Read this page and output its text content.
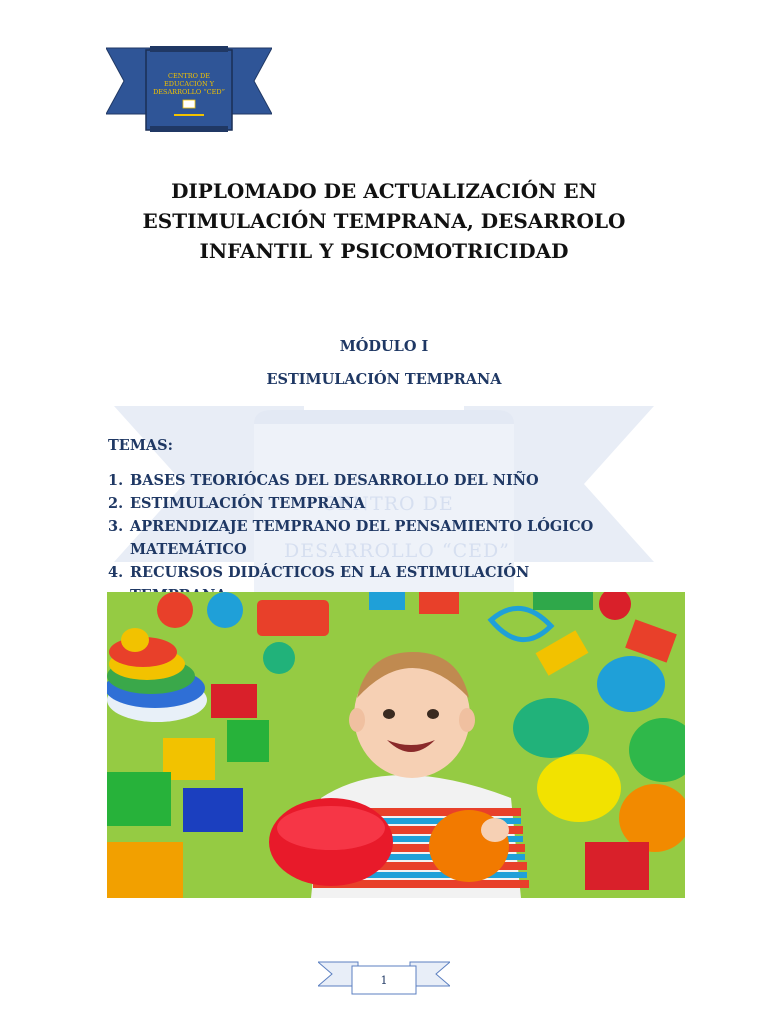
CENTRO DE
EDUCACIÓN Y
DESARROLLO “CED”
CENTRO DE
DESARROLLO “CED”
DIPLOMADO DE ACTUALIZACIÓN EN ESTIMULACIÓN TEMPRANA, DESARROLO INFANTIL Y PSICOMOTRICIDAD
MÓDULO I
ESTIMULACIÓN TEMPRANA
TEMAS:
1. BASES TEORIÓCAS DEL DESARROLLO DEL NIÑO
2. ESTIMULACIÓN TEMPRANA
3. APRENDIZAJE TEMPRANO DEL PENSAMIENTO LÓGICO MATEMÁTICO
4. RECURSOS DIDÁCTICOS EN LA ESTIMULACIÓN
1
